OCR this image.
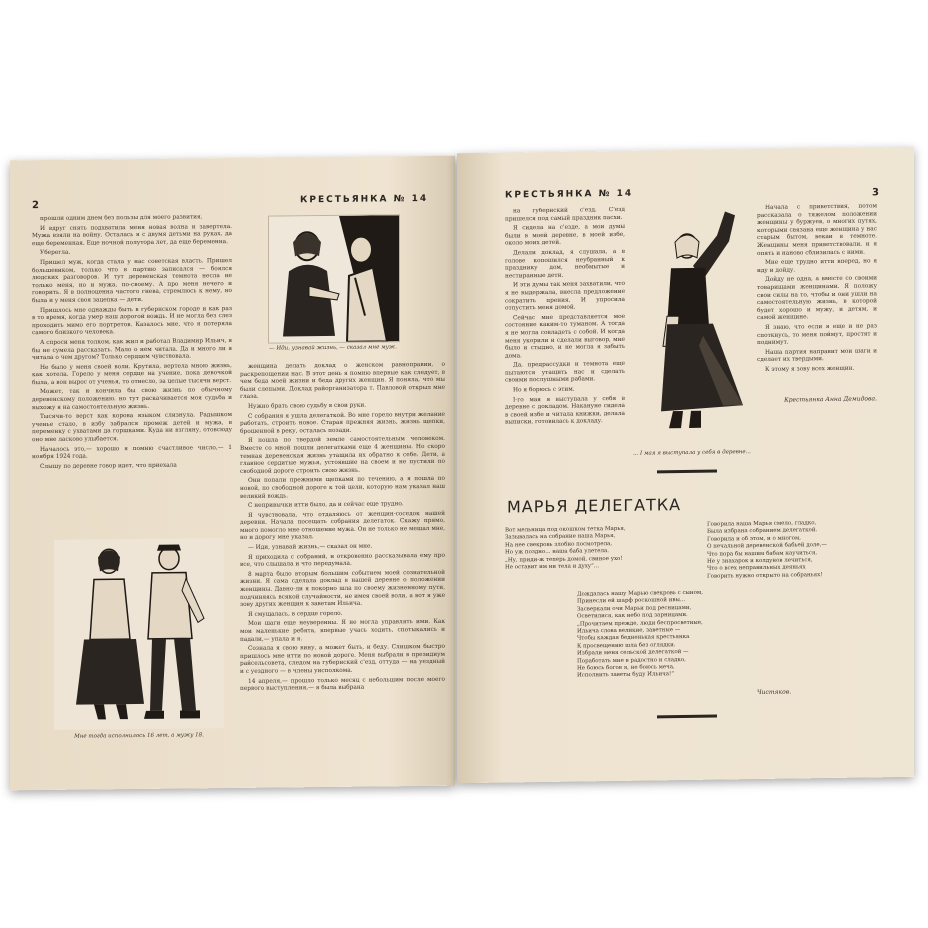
2
КРЕСТЬЯНКА № 14

прошли одним днем без пользы для моего развития.

И вдруг снять подхватила меня новая волна и завертела. Мужа взяли на войну. Осталась я с двумя детьми на руках, да еще беременная. Еще ночной полутора лет, да еще беременна.

Уберегла.

Пришел муж, когда стала у нас советская власть. Пришел большевиком, только что в партию записался — боялся людских разговоров. И тут деревенская темнота несла не только меня, но и мужа, по-своему. А про меня нечего и говорить. Я в полноценна частого гнева, стремлюсь к нему, но была и у меня своя зацепка — дети.

Пришлось мне однажды быть в губернском городе и как раз в то время, когда умер наш дорогой вождь. И не могла без слез проходить мимо его портретов. Казалось мне, что я потеряла самого близкого человека.

А спроси меня толком, как жил и работал Владимир Ильич, я бы не сумела рассказать. Мало о нем читала. Да и много ли я читала о чем другом? Только сердцем чувствовала.

Не было у меня своей воли. Крутила, вертела мною жизнь, как хотела. Горело у меня сердце на учение, пока девочкой была, а вон вырос от ученья, то отнесло, за целые тысячи верст.

Может, так и кончила бы свою жизнь по обычному деревенскому положению. но тут раскачивается моя судьба и выхожу я на самостоятельную жизнь.

Тысячи-то верст как корова языком слизнула. Радышком ученье стало, в избу забрался промеж детей и мужа, в переменку с ухватами да горшками. Куда ни взгляну, отовсюду оно мне ласково улыбается.

Началось это,— хорошо я помню счастливое число,— 1 ноября 1924 года.

Слышу по деревне говор идет, что приехала

— Иди, узнавай жизнь, — сказал мне муж.

женщина делать доклад о женском равноправии, о раскрепощении нас. В этот день я помню впервые как следует, в чем беда моей жизни и беда других женщин. Я поняла, что мы были слепыми. Доклад райорганизатора т. Павловой открыл мне глаза.

Нужно брать свою судьбу в свои руки.

С собрания я ушла делегаткой. Во мне горело внутри желание работать, строить новое. Старая прежняя жизнь, жизнь щепки, брошенной в реку, осталась позади.

Я пошла по твердой земле самостоятельным человеком. Вместе со мной пошли делегатками еще 4 женщины. Но скоро темная деревенская жизнь утащила их обратно к себе. Дети, а главное сердитые мужья, устоявшие на своем и не пустили по свободной дороге строить свою жизнь.

Они попали прежними щепками по течению, а я пошла по новой, по свободной дороге к той цели, которую нам указал наш великий вождь.

С непривычки итти было, да и сейчас еще трудно.

Я чувствовала, что отдаляюсь от женщин-соседок нашей деревни. Начала посещать собрания делегаток. Скажу прямо, много помогло мне отношение мужа. Он не только не мешал мне, но и дорогу мне указал.

— Иди, узнавай жизнь,— сказал он мне.

Я приходила с собраний, и откровенно рассказывала ему про все, что слышала и что передумала.

8 марта было вторым большим событием моей сознательной жизни. Я сама сделала доклад в нашей деревне о положении женщины. Давно-ли я покорно шла по своему жизненному пути, подчиняясь всякой случайности, не имея своей воли, а вот я уже зову других женщин к заветам Ильича.

Я смущалась, в сердце горело.

Мои шаги еще неуверенны. Я не могла управлять ими. Как мои маленькие ребята, впервые учась ходить, спотыкались и падали,— упала и я.

Сознала я свою вину, а может быть, и беду. Слишком быстро пришлось мне итти по новой дороге. Меня выбрали в президиум райсельсовета, следом на губернский с'езд, оттуда — на уездный и с уездного — в члены уисполкома.

14 апреля,— прошло только месяц с небольшим после моего первого выступления,— я была выбрана

Мне тогда исполнилось 16 лет, а мужу 18.
КРЕСТЬЯНКА № 14	3

на губернский с'езд. С'езд пришелся под самый праздник пасхи.

Я сидела на с'езде, а мои думы были в моей деревне, в моей избе, около моих детей.

Делали доклад, я слушала, а в голове копошился неубранный к празднику дом, необмытые и нестиранные дети.

И эти думы так меня захватили, что я не выдержала, внесла предложение сократить прения. И упросила отпустить меня домой.

Сейчас мне представляется мое состояние каким-то туманом. А тогда я не могла совладеть с собой. И когда меня укорили и сделали выговор, мне было и стыдно, и не могла я забыть дома.

Да, предрассудки и темнота еще пытаются утащить нас и сделать своими послушными рабами.

Но я борюсь с этим.

І-го мая я выступала у себя в деревне с докладом. Накануне сидела в своей избе и читала книжки, делала выписки, готовилась к докладу.

... І мая я выступала у себя в деревне...

Начала с приветствия, потом рассказала о тяжелом положении женщины у буржуев, о многих путях, которыми связана еще женщина у нас старым бытом, векаи в темноте. Женщины меня приветствовали, и я опять и наново сблизилась с ними.

Мне еще трудно итти вперед, но я иду и дойду.

Дойду не одна, а вместе со своими товарищами женщинами. Я положу свои силы на то, чтобы и они ушли на самостоятельную жизнь, в которой будет хорошо и мужу, и детям, и самой женщине.

Я знаю, что если я еще и не раз споткнусь, то меня поймут, простят и поднимут.

Наша партия направит мои шаги и сделает их твердыми.

К этому я зову всех женщин.

Крестьянка Анна Демидова.
МАРЬЯ ДЕЛЕГАТКА
Вот мельница под окошком тетка Марья,
Зазывалась на собрание наша Марья,
На нее свекровь злобно посмотрела,
Но уж поздно... наша баба улетела.
„Ну, приди-ж теперь домой, свиное ухо!
Не оставит им ни тела и духу“...
Говорила наша Марья смело, гладко,
Была избрана собранием делегаткой.
Говорила и об этом, и о многом,
О печальной деревенской бабьей доле,—
Что пора бы нашим бабам научиться,
Не у знахарок и колдунов лечиться,
Что о всех неправильных деяньях
Говорить нужно открыто на собраньях!
Дождалась нашу Марью свекровь с сыном,
Принесли ей шарф роскошной ивы...
Засверкали очи Марьи под ресницами,
Осветилися, как небо под зарницами.
„Прочитаем прежде, люди беспросветные,
Ильича слова великие, заветные —
Чтобы каждая бедненькая крестьянка
К просвещению шла без оглядки.
Избрали меня сельской делегаткой —
Поработать мне в радостно и сладко,
Не боюсь богов я, не боюсь меча,
Исполнить заветы буду Ильича!“
Чистяков.
